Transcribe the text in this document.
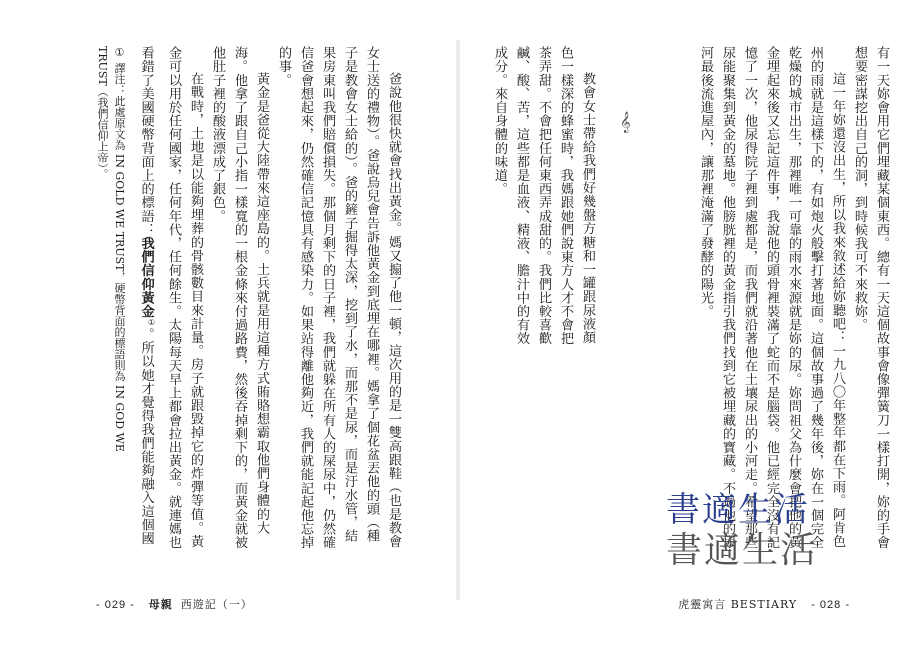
爸說他很快就會找出黃金。媽又搧了他一頓，這次用的是一雙高跟鞋（也是教會女士送的禮物）。爸說烏兒會告訴他黃金到底埋在哪裡。媽拿了個花盆丟他的頭（種子是教會女士給的）。爸的鏟子掘得太深，挖到了水，而那不是尿，而是汙水管，結果房東叫我們賠償損失。那個月剩下的日子裡，我們就躲在所有人的屎尿中，仍然確信爸會想起來，仍然確信記憶具有感染力。如果站得離他夠近，我們就能記起他忘掉的事。

黃金是爸從大陸帶來這座島的。土兵就是用這種方式賄賂想霸取他們身體的大海。他拿了跟自己小指一樣寬的一根金條來付過路費，然後吞掉剩下的，而黃金就被他肚子裡的酸液漂成了銀色。

在戰時，土地是以能夠埋葬的骨骸數目來計量。房子就跟毀掉它的炸彈等值。黃金可以用於任何國家，任何年代，任何餘生。太陽每天早上都會拉出黃金。就連媽也看錯了美國硬幣背面上的標語：我們信仰黃金①。所以她才覺得我們能夠融入這個國

① 譯注：此處原文為 IN GOLD WE TRUST，硬幣背面的標語則為 IN GOD WE TRUST（我們信仰上帝）。
- 029 - 母親 西遊記（一）

有一天妳會用它們埋藏某個東西。總有一天這個故事會像彈簧刀一樣打開，妳的手會想要密謀挖出自己的洞，到時候我可不來救妳。

這一年妳還沒出生，所以我來敘述給妳聽吧：一九八〇年整年都在下雨。阿肯色州的雨就是這樣下的，有如炮火般擊打著地面。這個故事過了幾年後，妳在一個完全乾燥的城市出生，那裡唯一可靠的雨水來源就是妳的尿。妳問祖父為什麼會把他的黃金埋起來後又忘記這件事，我說他的頭骨裡裝滿了蛇而不是腦袋。他已經完全沒有記憶了一次，他尿得院子裡到處都是，而我們就沿著他在土壤尿出的小河走。希望那些尿能聚集到黃金的墓地。他膀胱裡的黃金指引我們找到它被埋藏的寶藏。不過他的尿河最後流進屋內，讓那裡淹滿了發酵的陽光。

教會女士帶給我們好幾盤方糖和一罐跟尿液顏色一樣深的蜂蜜時，我媽跟她們說東方人才不會把茶弄甜。不會把任何東西弄成甜的。我們比較喜歡鹹、酸、苦，這些都是血液、精液、膽汁中的有效成分。來自身體的味道。	𝄞
虎靈寓言 BESTIARY - 028 -
書適生活
書適生活
